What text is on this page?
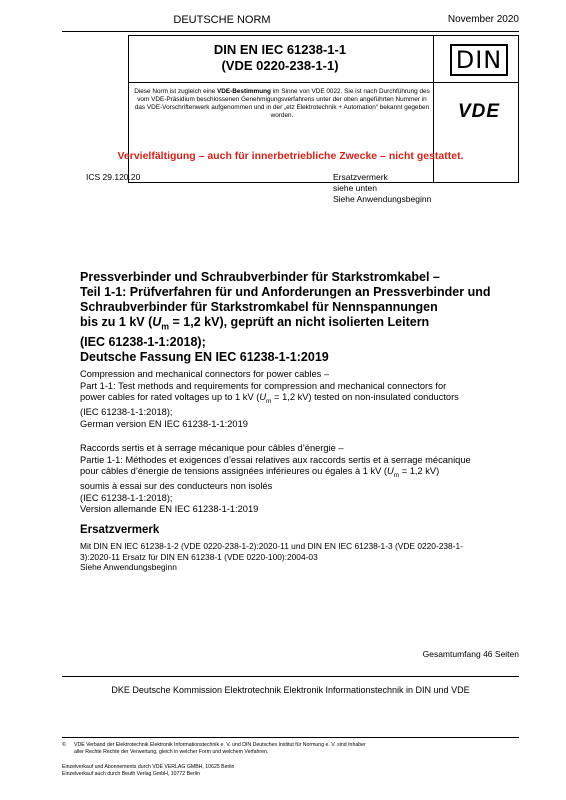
DEUTSCHE NORM	November 2020
DIN EN IEC 61238-1-1
(VDE 0220-238-1-1)	DIN
Diese Norm ist zugleich eine VDE-Bestimmung im Sinne von VDE 0022. Sie ist nach Durchführung des vom VDE-Präsidium beschlossenen Genehmigungsverfahrens unter der oben angeführten Nummer in das VDE-Vorschriftenwerk aufgenommen und in der „etz Elektrotechnik + Automation“ bekannt gegeben worden.	VDE
Vervielfältigung – auch für innerbetriebliche Zwecke – nicht gestattet.
ICS 29.120.20	Ersatzvermerk
siehe unten
Siehe Anwendungsbeginn
Pressverbinder und Schraubverbinder für Starkstromkabel –
Teil 1-1: Prüfverfahren für und Anforderungen an Pressverbinder und
Schraubverbinder für Starkstromkabel für Nennspannungen
bis zu 1 kV ($U_m = 1,2$ kV), geprüft an nicht isolierten Leitern
(IEC 61238-1-1:2018);
Deutsche Fassung EN IEC 61238-1-1:2019
Compression and mechanical connectors for power cables –
Part 1-1: Test methods and requirements for compression and mechanical connectors for
power cables for rated voltages up to 1 kV ($U_m = 1,2$ kV) tested on non-insulated conductors
(IEC 61238-1-1:2018);
German version EN IEC 61238-1-1:2019
Raccords sertis et à serrage mécanique pour câbles d’énergie –
Partie 1-1: Méthodes et exigences d’essai relatives aux raccords sertis et à serrage mécanique
pour câbles d’énergie de tensions assignées inférieures ou égales à 1 kV ($U_m = 1,2$ kV)
soumis à essai sur des conducteurs non isolés
(IEC 61238-1-1:2018);
Version allemande EN IEC 61238-1-1:2019
Ersatzvermerk
Mit DIN EN IEC 61238-1-2 (VDE 0220-238-1-2):2020-11 und DIN EN IEC 61238-1-3 (VDE 0220-238-1-
3):2020-11 Ersatz für DIN EN 61238-1 (VDE 0220-100):2004-03
Siehe Anwendungsbeginn
Gesamtumfang 46 Seiten
DKE Deutsche Kommission Elektrotechnik Elektronik Informationstechnik in DIN und VDE
© VDE Verband der Elektrotechnik Elektronik Informationstechnik e. V. und DIN Deutsches Institut für Normung e. V. sind Inhaber
aller Rechte Rechte der Verwertung, gleich in welcher Form und welchem Verfahren.
Einzelverkauf und Abonnements durch VDE VERLAG GMBH, 10625 Berlin
Einzelverkauf auch durch Beuth Verlag GmbH, 10772 Berlin
